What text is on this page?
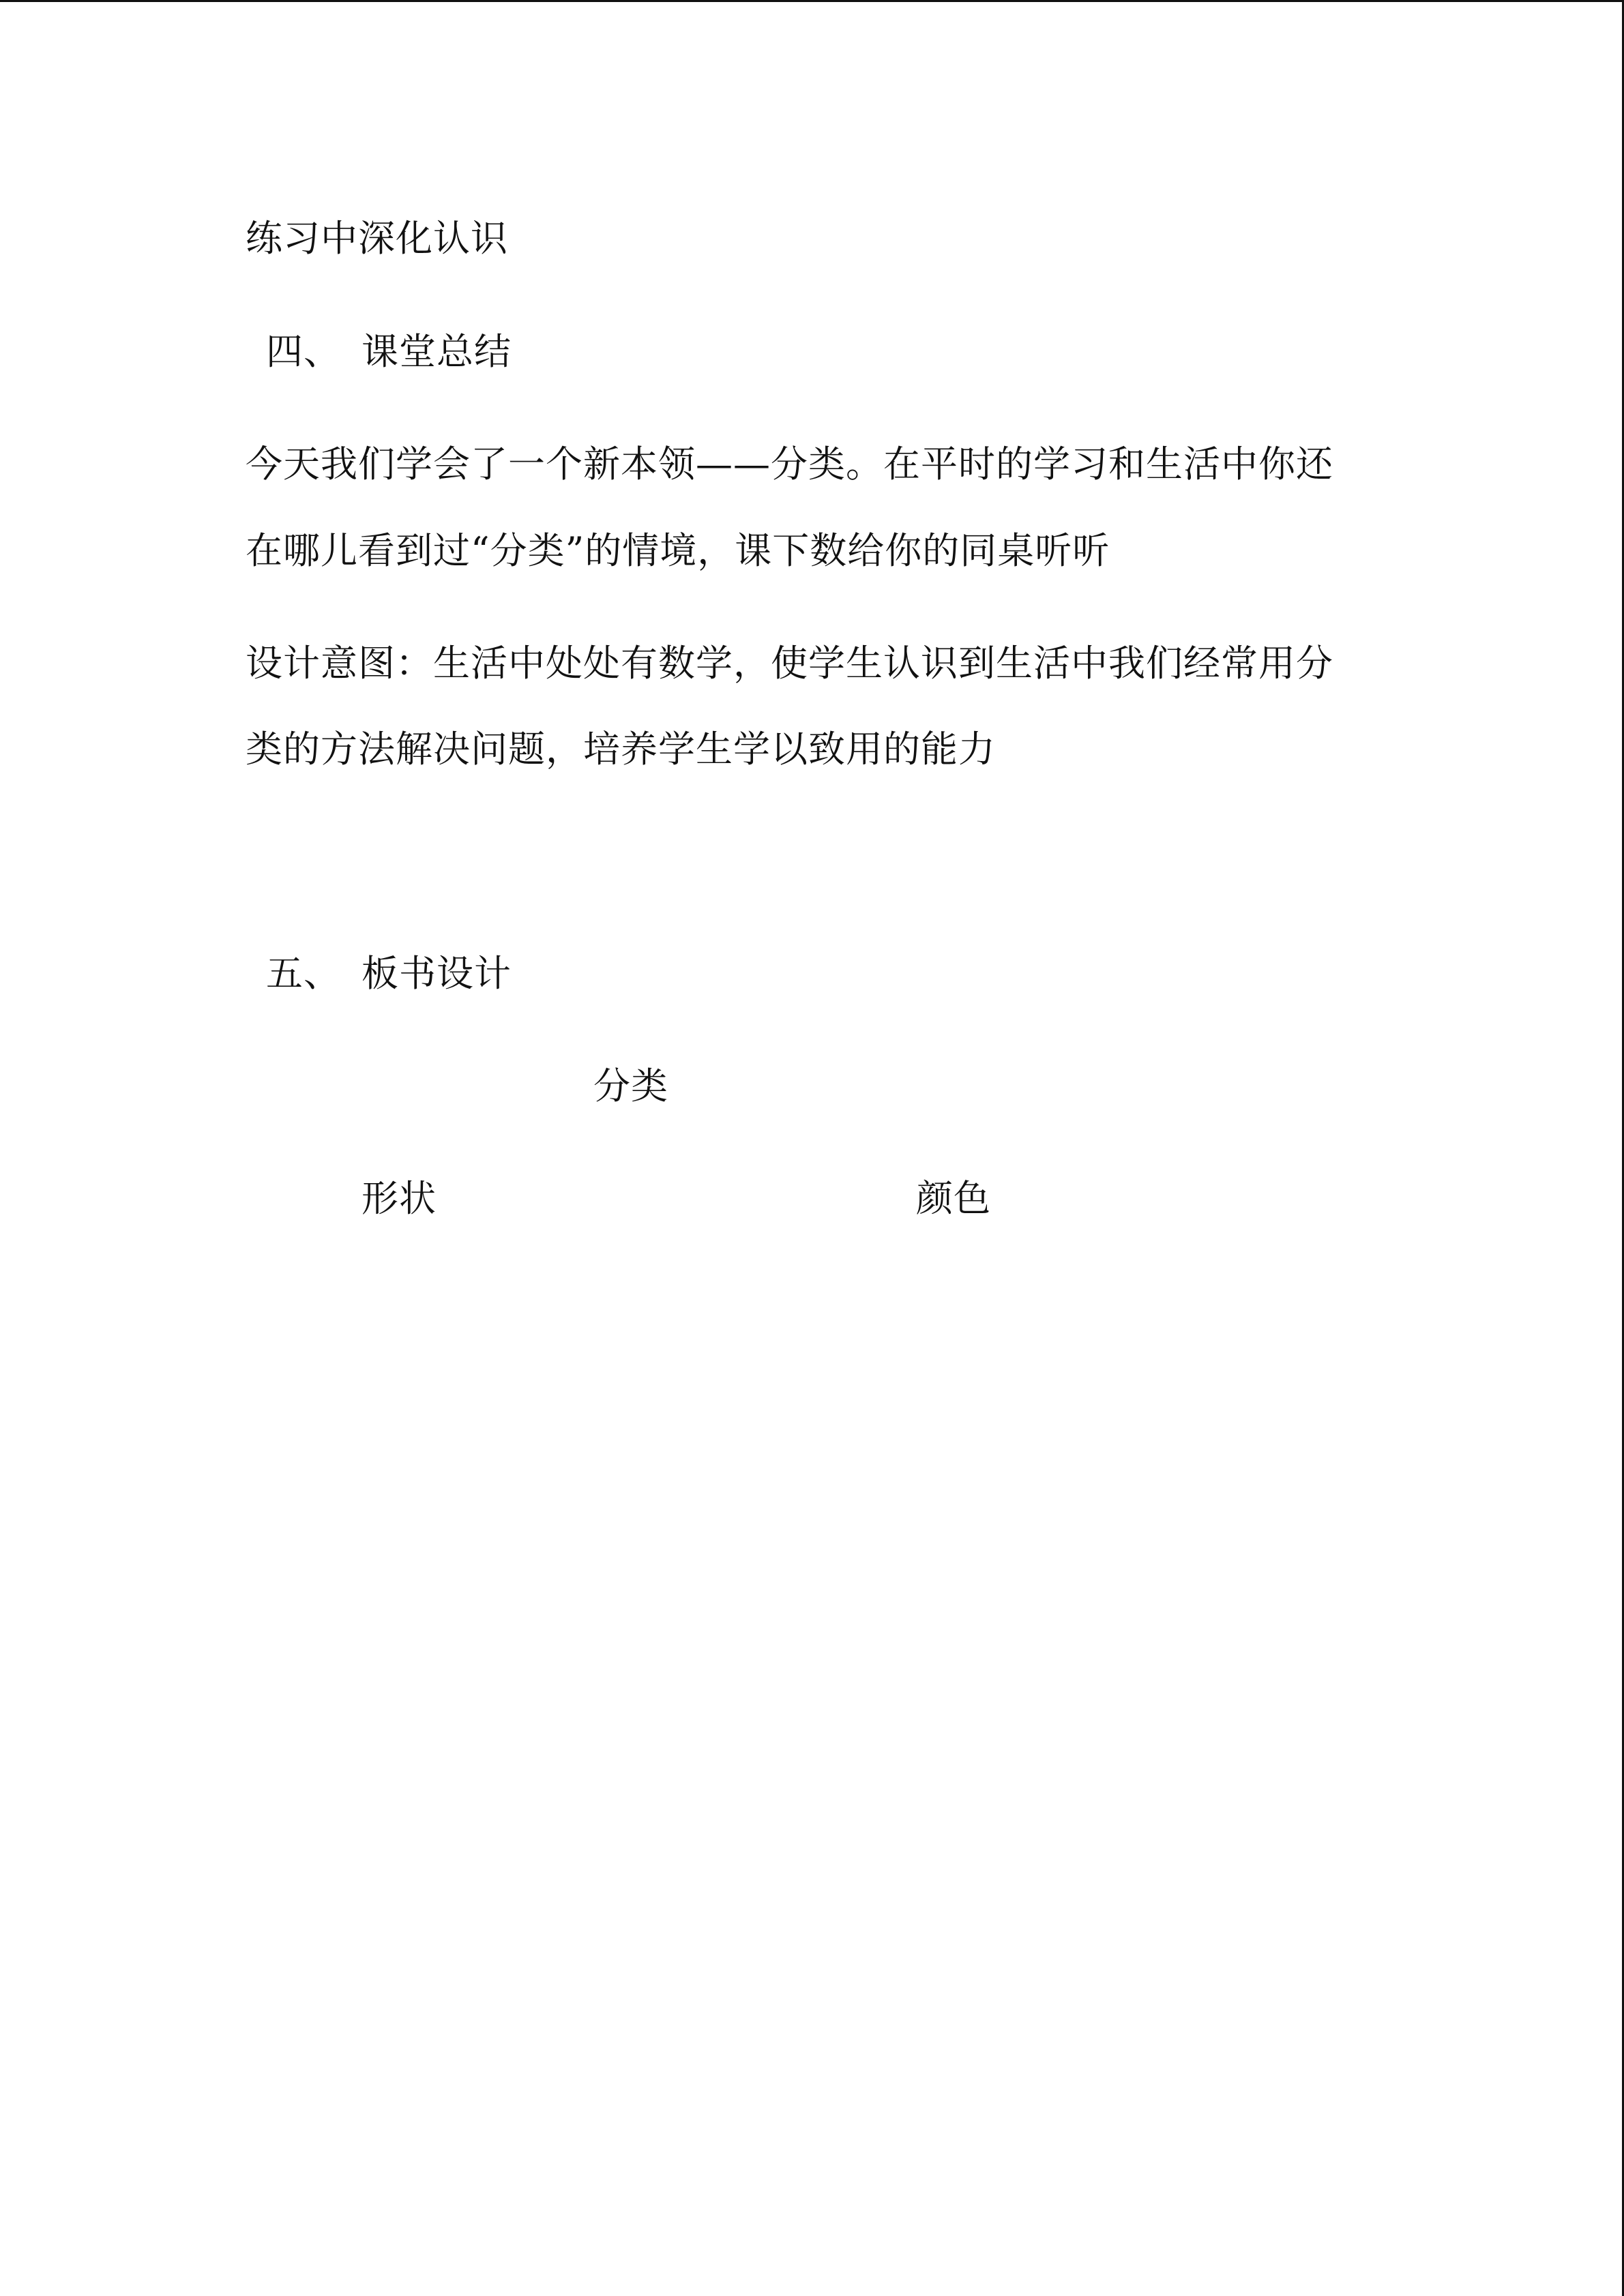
练习中深化认识
四、 课堂总结
今天我们学会了一个新本领——分类。在平时的学习和生活中你还
在哪儿看到过“分类”的情境，课下数给你的同桌听听
设计意图：生活中处处有数学，使学生认识到生活中我们经常用分
类的方法解决问题，培养学生学以致用的能力
五、 板书设计
分类
形状	颜色
